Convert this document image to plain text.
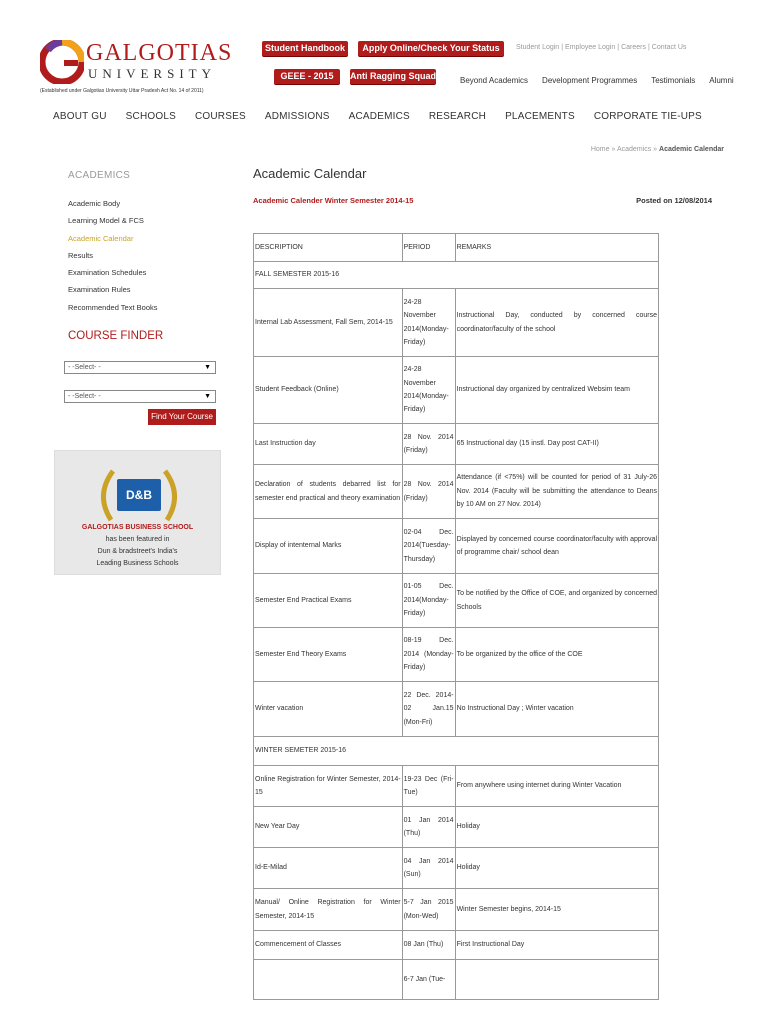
GALGOTIAS
UNIVERSITY
(Established under Galgotias University Uttar Pradesh Act No. 14 of 2011)
Student Handbook	Apply Online/Check Your Status
GEEE - 2015	Anti Ragging Squad
Student Login | Employee Login | Careers | Contact Us
Beyond Academics Development Programmes Testimonials Alumni
ABOUT GU SCHOOLS COURSES ADMISSIONS ACADEMICS RESEARCH PLACEMENTS CORPORATE TIE-UPS
Home » Academics » Academic Calendar
ACADEMICS
Academic Body
Learning Model & FCS
Academic Calendar
Results
Examination Schedules
Examination Rules
Recommended Text Books
COURSE FINDER
- -Select- -	▼
- -Select- -	▼
Find Your Course
D&B
GALGOTIAS BUSINESS SCHOOL
has been featured in
Dun & bradstreet's India's
Leading Business Schools
Academic Calendar
Academic Calender Winter Semester 2014-15	Posted on 12/08/2014
DESCRIPTION	PERIOD	REMARKS
FALL SEMESTER 2015-16		
Internal Lab Assessment, Fall Sem, 2014-15	24-28 November 2014(Monday-Friday)	Instructional Day, conducted by concerned course coordinator/faculty of the school
Student Feedback (Online)	24-28 November 2014(Monday-Friday)	Instructional day organized by centralized Websim team
Last Instruction day	28 Nov. 2014 (Friday)	65 Instructional day (15 instl. Day post CAT-II)
Declaration of students debarred list for semester end practical and theory examination	28 Nov. 2014 (Friday)	Attendance (if <75%) will be counted for period of 31 July-26 Nov. 2014 (Faculty will be submitting the attendance to Deans by 10 AM on 27 Nov. 2014)
Display of intenternal Marks	02-04 Dec. 2014(Tuesday-Thursday)	Displayed by concerned course coordinator/faculty with approval of programme chair/ school dean
Semester End Practical Exams	01-05 Dec. 2014(Monday-Friday)	To be notified by the Office of COE, and organized by concerned Schools
Semester End Theory Exams	08-19 Dec. 2014 (Monday-Friday)	To be organized by the office of the COE
Winter vacation	22 Dec. 2014-02 Jan.15 (Mon-Fri)	No Instructional Day ; Winter vacation
WINTER SEMETER 2015-16		
Online Registration for Winter Semester, 2014-15	19-23 Dec (Fri-Tue)	From anywhere using internet during Winter Vacation
New Year Day	01 Jan 2014 (Thu)	Holiday
Id-E-Milad	04 Jan 2014 (Sun)	Holiday
Manual/ Online Registration for Winter Semester, 2014-15	5-7 Jan 2015 (Mon-Wed)	Winter Semester begins, 2014-15
Commencement of Classes	08 Jan (Thu)	First Instructional Day
	6-7 Jan (Tue-	
